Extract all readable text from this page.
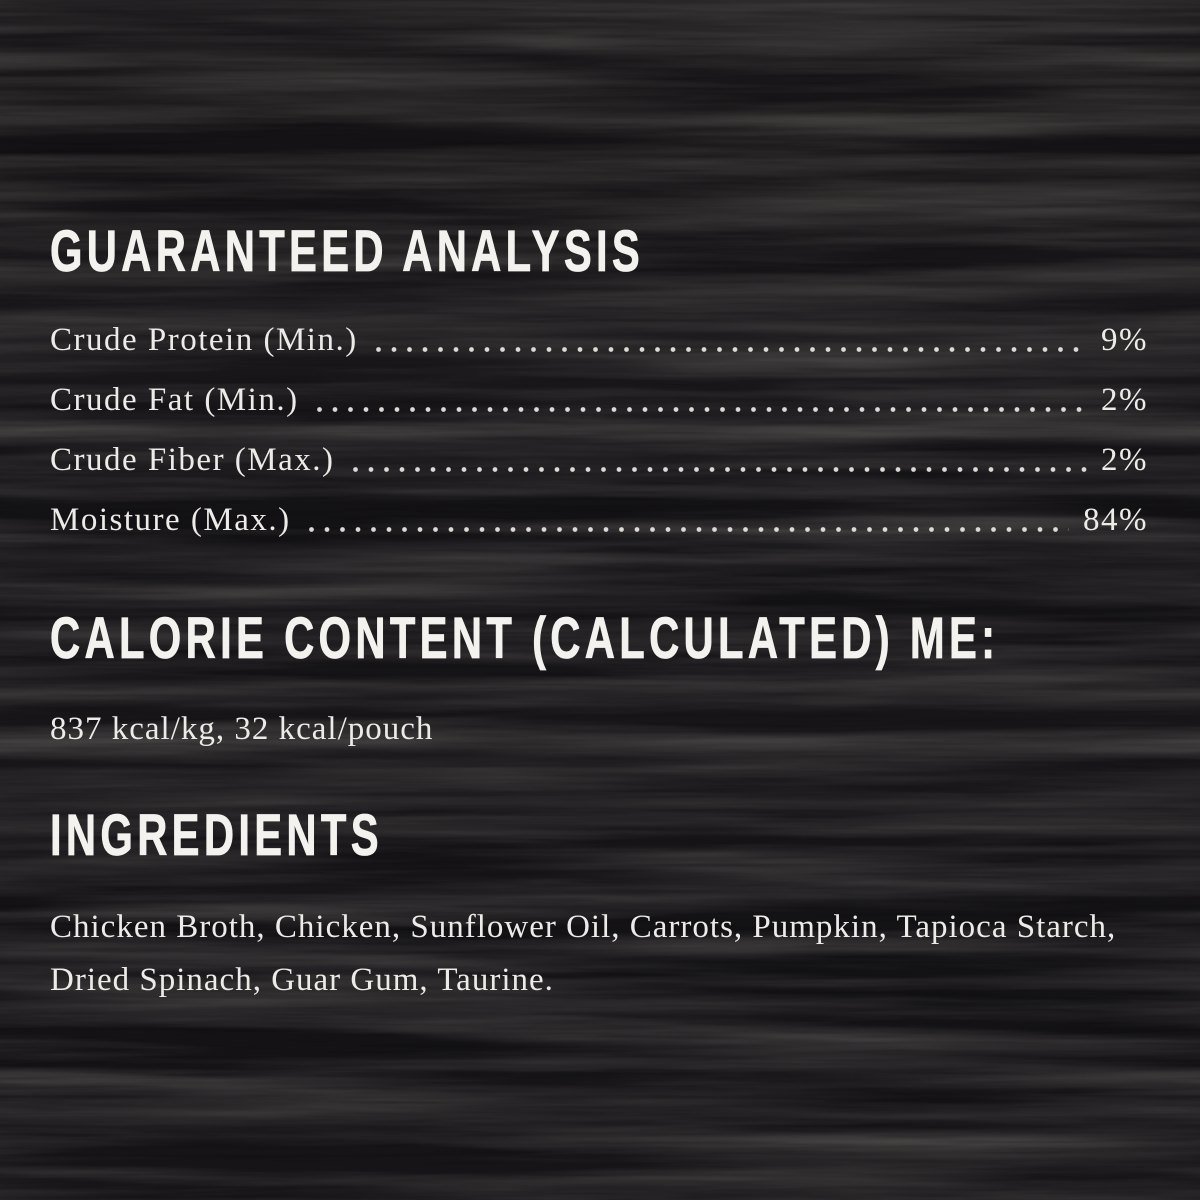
GUARANTEED ANALYSIS
Crude Protein (Min.)	9%
Crude Fat (Min.)	2%
Crude Fiber (Max.)	2%
Moisture (Max.)	84%
CALORIE CONTENT (CALCULATED) ME:
837 kcal/kg, 32 kcal/pouch
INGREDIENTS
Chicken Broth, Chicken, Sunflower Oil, Carrots, Pumpkin, Tapioca Starch, Dried Spinach, Guar Gum, Taurine.
